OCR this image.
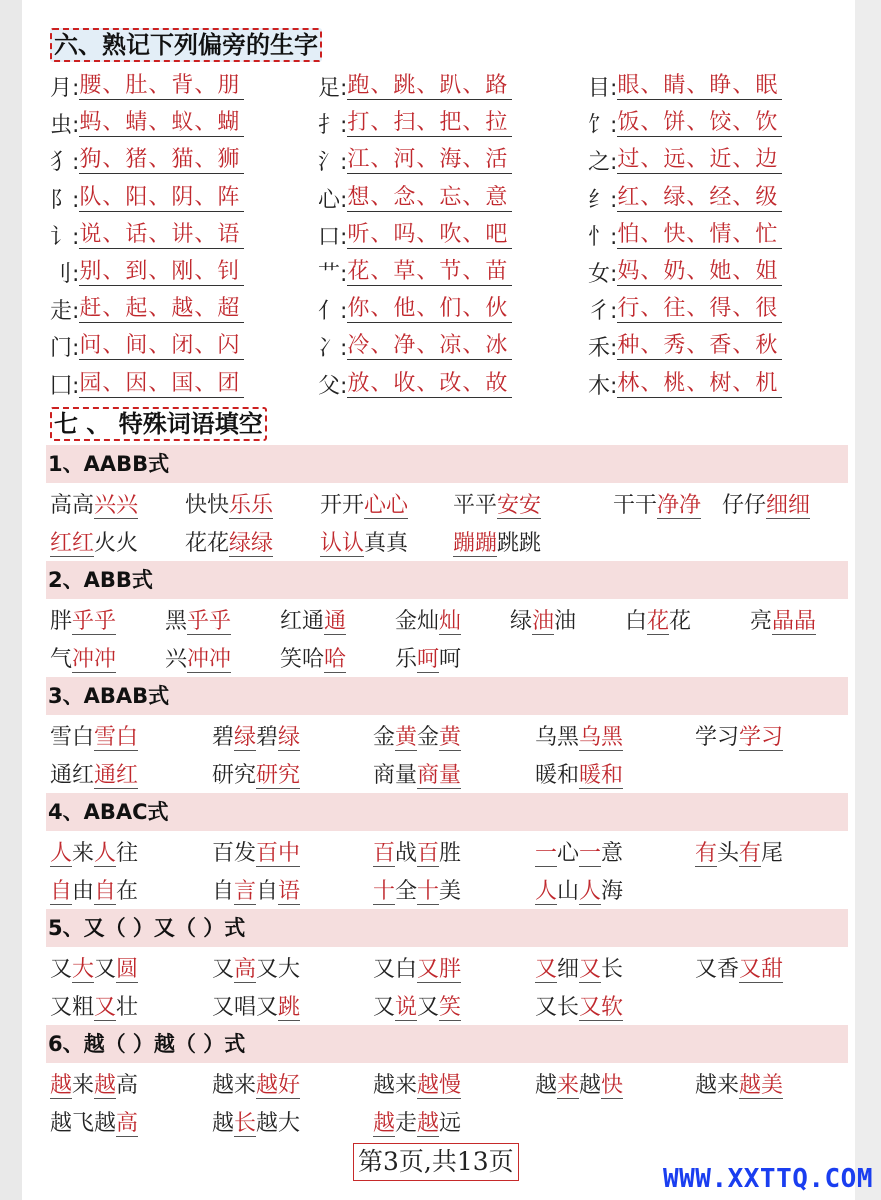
六、熟记下列偏旁的生字
月: 腰、肚、背、朋	足: 跑、跳、趴、路	目: 眼、睛、睁、眠
虫: 蚂、蜻、蚁、蝴	扌: 打、扫、把、拉	饣: 饭、饼、饺、饮
犭: 狗、猪、猫、狮	氵: 江、河、海、活	之: 过、远、近、边
阝: 队、阳、阴、阵	心: 想、念、忘、意	纟: 红、绿、经、级
讠: 说、话、讲、语	口: 听、吗、吹、吧	忄: 怕、快、情、忙
刂: 别、到、刚、钊	艹: 花、草、节、苗	女: 妈、奶、她、姐
走: 赶、起、越、超	亻: 你、他、们、伙	彳: 行、往、得、很
门: 问、间、闭、闪	冫: 冷、净、凉、冰	禾: 种、秀、香、秋
囗: 园、因、国、团	父: 放、收、改、故	木: 林、桃、树、机
七 、 特殊词语填空
1、AABB式
高高兴兴 快快乐乐 开开心心 平平安安	干干净净 仔仔细细
红红火火 花花绿绿 认认真真 蹦蹦跳跳
2、ABB式
胖乎乎 黑乎乎 红通通 金灿灿 绿油油 白花花	亮晶晶
气冲冲 兴冲冲 笑哈哈 乐呵呵
3、ABAB式
雪白雪白	碧绿碧绿	金黄金黄	乌黑乌黑	学习学习
通红通红	研究研究	商量商量	暖和暖和
4、ABAC式
人来人往	百发百中	百战百胜	一心一意	有头有尾
自由自在	自言自语	十全十美	人山人海
5、又（ ）又（ ）式
又大又圆	又高又大	又白又胖	又细又长	又香又甜
又粗又壮	又唱又跳	又说又笑	又长又软
6、越（ ）越（ ）式
越来越高	越来越好	越来越慢	越来越快	越来越美
越飞越高	越长越大	越走越远
第3页,共13页
WWW.XXTTQ.COM
